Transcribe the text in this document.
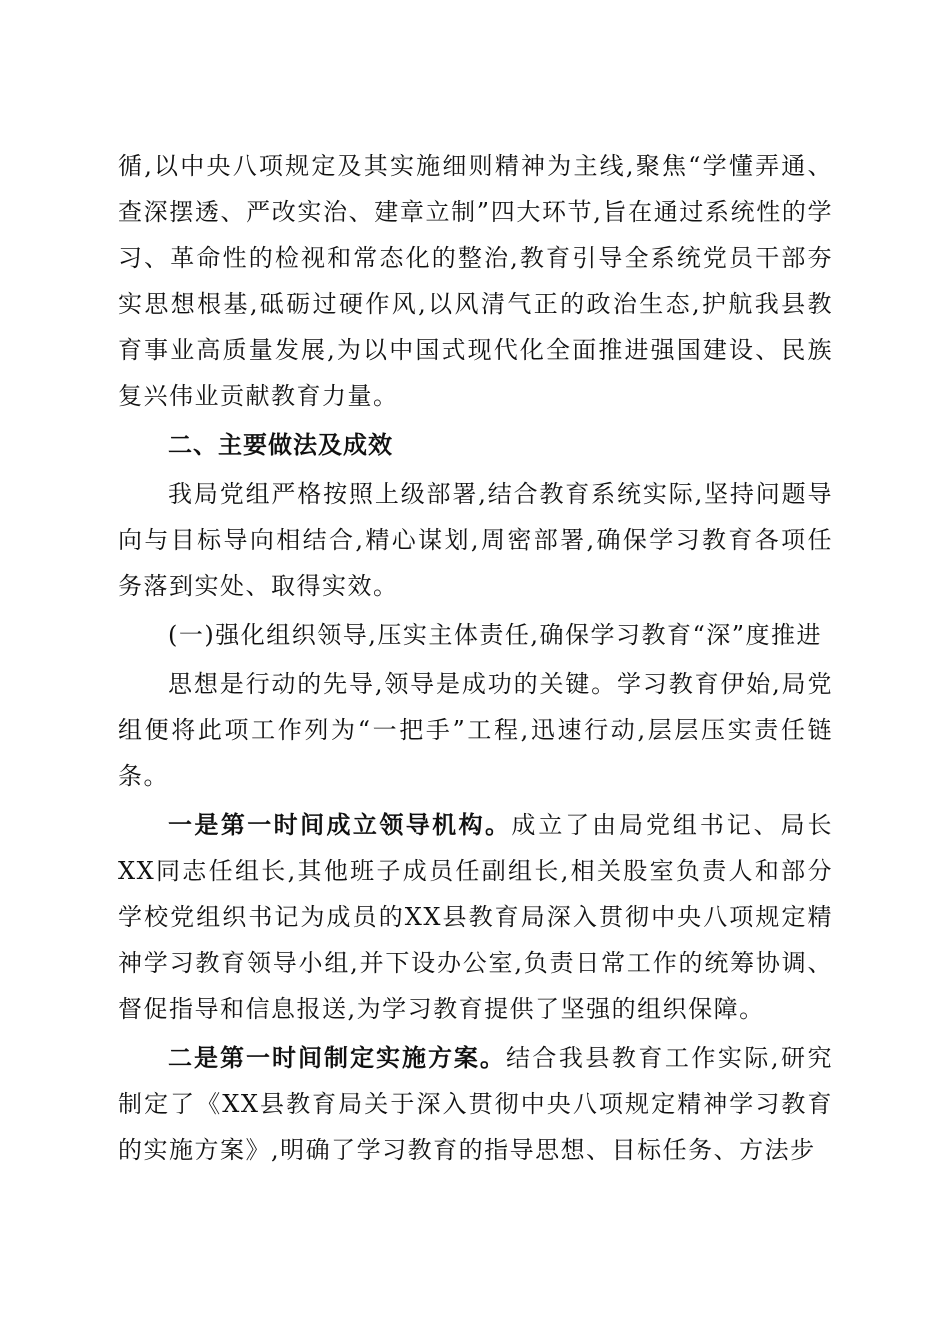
循,以中央八项规定及其实施细则精神为主线,聚焦“学懂弄通、查深摆透、严改实治、建章立制”四大环节,旨在通过系统性的学习、革命性的检视和常态化的整治,教育引导全系统党员干部夯实思想根基,砥砺过硬作风,以风清气正的政治生态,护航我县教育事业高质量发展,为以中国式现代化全面推进强国建设、民族复兴伟业贡献教育力量。

二、主要做法及成效

我局党组严格按照上级部署,结合教育系统实际,坚持问题导向与目标导向相结合,精心谋划,周密部署,确保学习教育各项任务落到实处、取得实效。

(一)强化组织领导,压实主体责任,确保学习教育“深”度推进

思想是行动的先导,领导是成功的关键。学习教育伊始,局党组便将此项工作列为“一把手”工程,迅速行动,层层压实责任链条。

一是第一时间成立领导机构。成立了由局党组书记、局长XX同志任组长,其他班子成员任副组长,相关股室负责人和部分学校党组织书记为成员的XX县教育局深入贯彻中央八项规定精神学习教育领导小组,并下设办公室,负责日常工作的统筹协调、督促指导和信息报送,为学习教育提供了坚强的组织保障。

二是第一时间制定实施方案。结合我县教育工作实际,研究制定了《XX县教育局关于深入贯彻中央八项规定精神学习教育的实施方案》,明确了学习教育的指导思想、目标任务、方法步
